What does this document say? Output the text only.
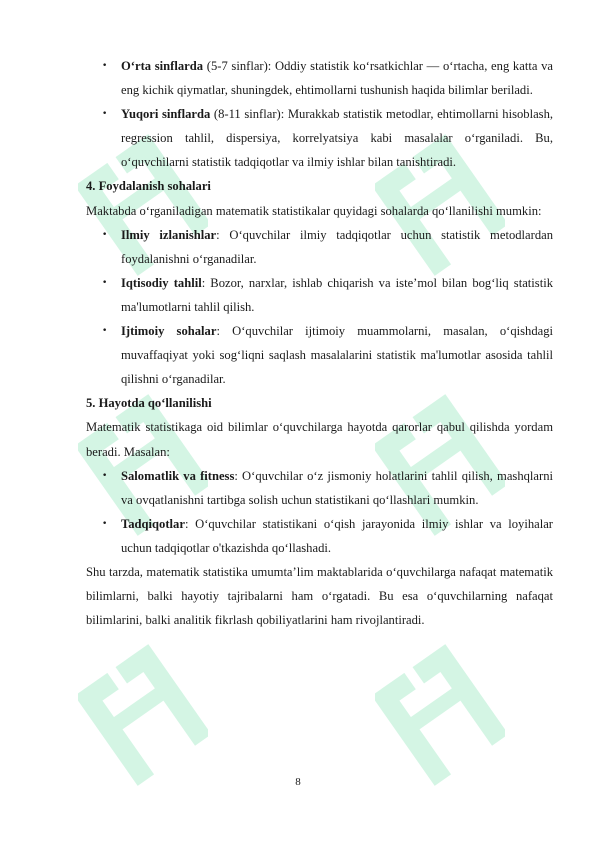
• O‘rta sinflarda (5-7 sinflar): Oddiy statistik ko‘rsatkichlar — o‘rtacha, eng katta va eng kichik qiymatlar, shuningdek, ehtimollarni tushunish haqida bilimlar beriladi.
• Yuqori sinflarda (8-11 sinflar): Murakkab statistik metodlar, ehtimollarni hisoblash, regression tahlil, dispersiya, korrelyatsiya kabi masalalar o‘rganiladi. Bu, o‘quvchilarni statistik tadqiqotlar va ilmiy ishlar bilan tanishtiradi.
4. Foydalanish sohalari

Maktabda o‘rganiladigan matematik statistikalar quyidagi sohalarda qo‘llanilishi mumkin:

• Ilmiy izlanishlar: O‘quvchilar ilmiy tadqiqotlar uchun statistik metodlardan foydalanishni o‘rganadilar.
• Iqtisodiy tahlil: Bozor, narxlar, ishlab chiqarish va iste’mol bilan bog‘liq statistik ma'lumotlarni tahlil qilish.
• Ijtimoiy sohalar: O‘quvchilar ijtimoiy muammolarni, masalan, o‘qishdagi muvaffaqiyat yoki sog‘liqni saqlash masalalarini statistik ma'lumotlar asosida tahlil qilishni o‘rganadilar.
5. Hayotda qo‘llanilishi

Matematik statistikaga oid bilimlar o‘quvchilarga hayotda qarorlar qabul qilishda yordam beradi. Masalan:

• Salomatlik va fitness: O‘quvchilar o‘z jismoniy holatlarini tahlil qilish, mashqlarni va ovqatlanishni tartibga solish uchun statistikani qo‘llashlari mumkin.
• Tadqiqotlar: O‘quvchilar statistikani o‘qish jarayonida ilmiy ishlar va loyihalar uchun tadqiqotlar o'tkazishda qo‘llashadi.

Shu tarzda, matematik statistika umumta’lim maktablarida o‘quvchilarga nafaqat matematik bilimlarni, balki hayotiy tajribalarni ham o‘rgatadi. Bu esa o‘quvchilarning nafaqat bilimlarini, balki analitik fikrlash qobiliyatlarini ham rivojlantiradi.

8
